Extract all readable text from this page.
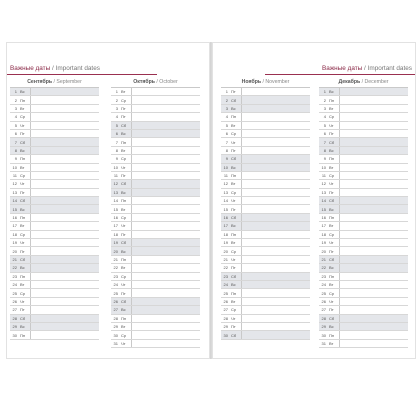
Важные даты / Important dates
Сентябрь / September
1 Вс
2 Пн
3 Вт
4 Ср
5 Чт
6 Пт
7 Сб
8 Вс
9 Пн
10 Вт
11 Ср
12 Чт
13 Пт
14 Сб
15 Вс
16 Пн
17 Вт
18 Ср
19 Чт
20 Пт
21 Сб
22 Вс
23 Пн
24 Вт
25 Ср
26 Чт
27 Пт
28 Сб
29 Вс
30 Пн
Октябрь / October
1 Вт
2 Ср
3 Пт
4 Пт
5 Сб
6 Вс
7 Пн
8 Вт
9 Ср
10 Чт
11 Пт
12 Сб
13 Вс
14 Пн
15 Вт
16 Ср
17 Чт
18 Пт
19 Сб
20 Вс
21 Пн
22 Вт
23 Ср
24 Чт
25 Пт
26 Сб
27 Вс
28 Пн
29 Вт
30 Ср
31 Чт
Важные даты / Important dates
Ноябрь / November
1 Пт
2 Сб
3 Вс
4 Пн
5 Вт
6 Ср
7 Чт
8 Пт
9 Сб
10 Вс
11 Пн
12 Вт
13 Ср
14 Чт
15 Пт
16 Сб
17 Вс
18 Пн
19 Вт
20 Ср
21 Чт
22 Пт
23 Сб
24 Вс
25 Пн
26 Вт
27 Ср
28 Чт
29 Пт
30 Сб
Декабрь / December
1 Вс
2 Пн
3 Вт
4 Ср
5 Чт
6 Пт
7 Сб
8 Вс
9 Пн
10 Вт
11 Ср
12 Чт
13 Пт
14 Сб
15 Вс
16 Пн
17 Вт
18 Ср
19 Чт
20 Пт
21 Сб
22 Вс
23 Пн
24 Вт
25 Ср
26 Чт
27 Пт
28 Сб
29 Вс
30 Пн
31 Вт
